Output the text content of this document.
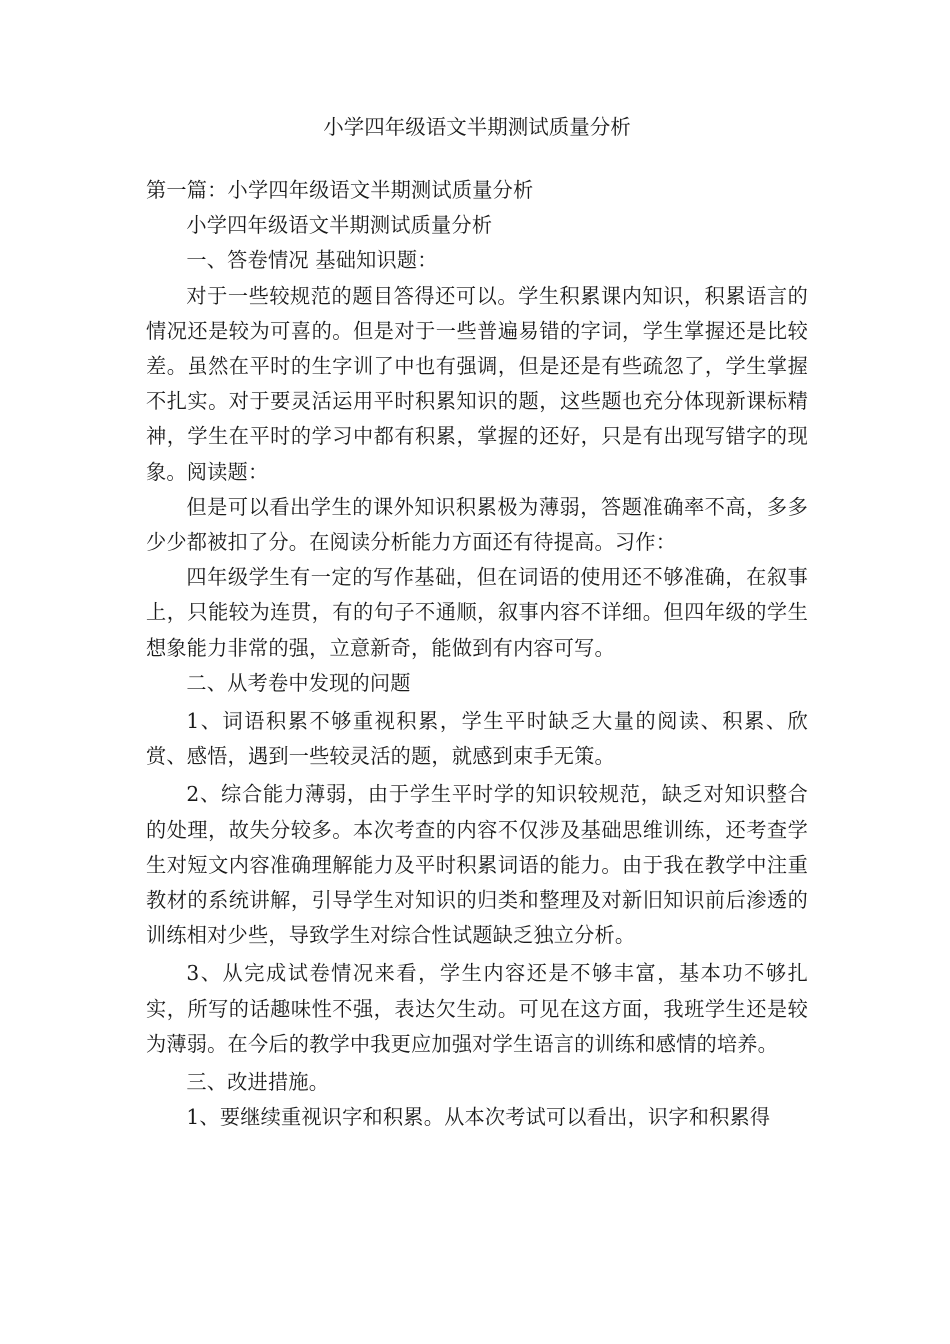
小学四年级语文半期测试质量分析

第一篇：小学四年级语文半期测试质量分析

小学四年级语文半期测试质量分析

一、答卷情况 基础知识题：

对于一些较规范的题目答得还可以。学生积累课内知识，积累语言的情况还是较为可喜的。但是对于一些普遍易错的字词，学生掌握还是比较差。虽然在平时的生字训了中也有强调，但是还是有些疏忽了，学生掌握不扎实。对于要灵活运用平时积累知识的题，这些题也充分体现新课标精神，学生在平时的学习中都有积累，掌握的还好，只是有出现写错字的现象。阅读题：

但是可以看出学生的课外知识积累极为薄弱，答题准确率不高，多多少少都被扣了分。在阅读分析能力方面还有待提高。习作：

四年级学生有一定的写作基础，但在词语的使用还不够准确，在叙事上，只能较为连贯，有的句子不通顺，叙事内容不详细。但四年级的学生想象能力非常的强，立意新奇，能做到有内容可写。

二、从考卷中发现的问题

1、词语积累不够重视积累，学生平时缺乏大量的阅读、积累、欣赏、感悟，遇到一些较灵活的题，就感到束手无策。

2、综合能力薄弱，由于学生平时学的知识较规范，缺乏对知识整合的处理，故失分较多。本次考查的内容不仅涉及基础思维训练，还考查学生对短文内容准确理解能力及平时积累词语的能力。由于我在教学中注重教材的系统讲解，引导学生对知识的归类和整理及对新旧知识前后渗透的训练相对少些，导致学生对综合性试题缺乏独立分析。

3、从完成试卷情况来看，学生内容还是不够丰富，基本功不够扎实，所写的话趣味性不强，表达欠生动。可见在这方面，我班学生还是较为薄弱。在今后的教学中我更应加强对学生语言的训练和感情的培养。

三、改进措施。

1、要继续重视识字和积累。从本次考试可以看出，识字和积累得
